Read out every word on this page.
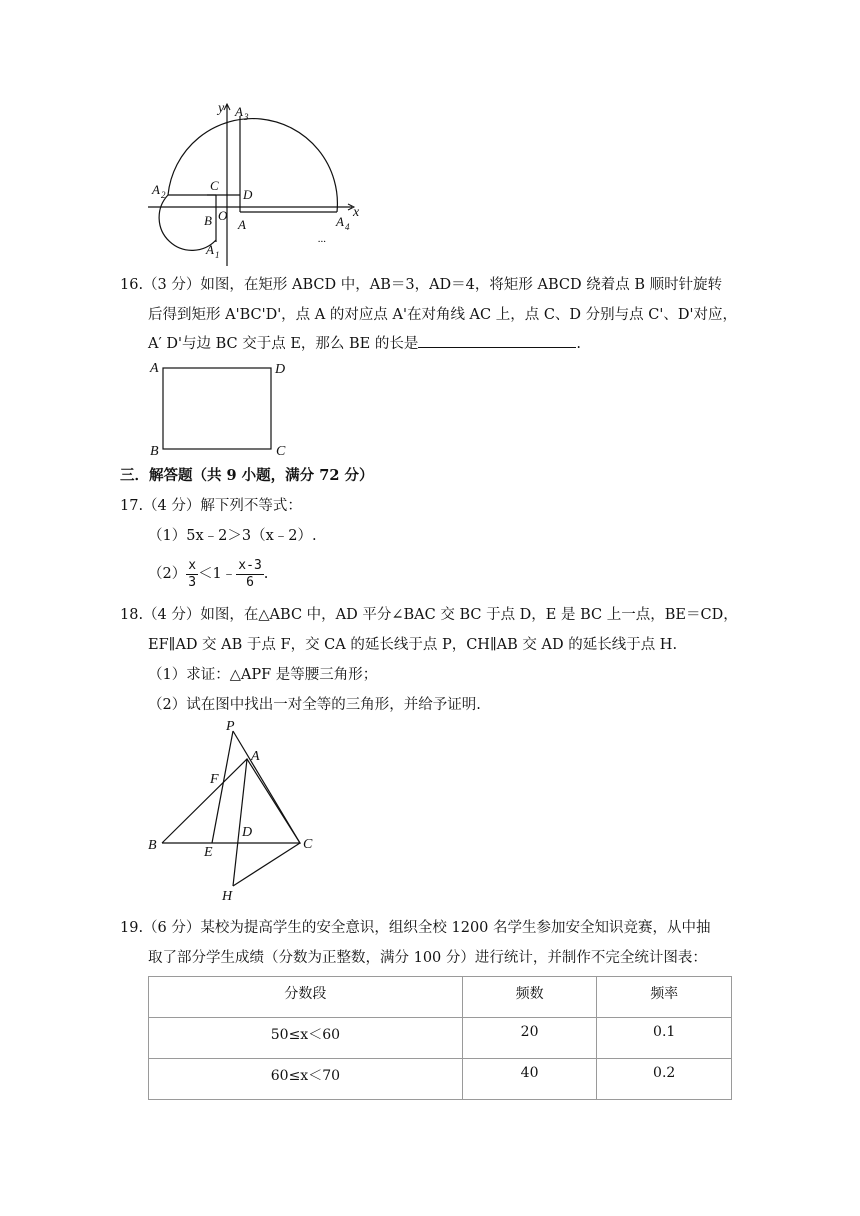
y
x
A 3
A 2
C
D
B O
A
A 1
A 4
...
16.（3 分）如图，在矩形 ABCD 中，AB＝3，AD＝4，将矩形 ABCD 绕着点 B 顺时针旋转
后得到矩形 A'BC'D'，点 A 的对应点 A'在对角线 AC 上，点 C、D 分别与点 C'、D'对应，
A′ D'与边 BC 交于点 E，那么 BE 的长是	.
A	D
B	C
三．解答题（共 9 小题，满分 72 分）
17.（4 分）解下列不等式：
（1）5x﹣2＞3（x﹣2）.
$(2) \frac{x}{3}$ ＜1﹣ $\frac{x-3}{6}$ .
18.（4 分）如图，在△ABC 中，AD 平分∠BAC 交 BC 于点 D，E 是 BC 上一点，BE＝CD，
EF∥AD 交 AB 于点 F，交 CA 的延长线于点 P，CH∥AB 交 AD 的延长线于点 H.
（1）求证：△APF 是等腰三角形；
（2）试在图中找出一对全等的三角形，并给予证明.
P
A
F
D
B	E
C
H
19.（6 分）某校为提高学生的安全意识，组织全校 1200 名学生参加安全知识竞赛，从中抽
取了部分学生成绩（分数为正整数，满分 100 分）进行统计，并制作不完全统计图表：
分数段	频数	频率
50≤x＜60	20	0.1
60≤x＜70	40	0.2
